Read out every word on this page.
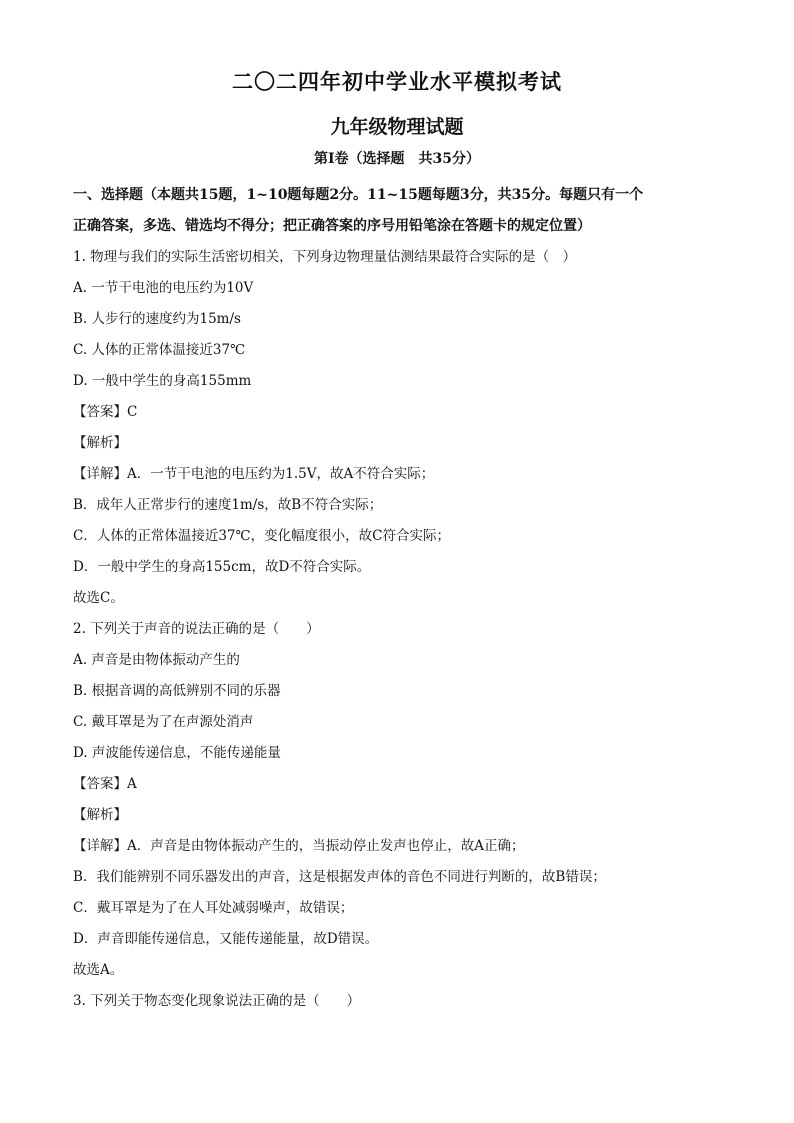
二〇二四年初中学业水平模拟考试
九年级物理试题
第Ⅰ卷（选择题　共35分）

一、选择题（本题共15题，1~10题每题2分。11~15题每题3分，共35分。每题只有一个

正确答案，多选、错选均不得分；把正确答案的序号用铅笔涂在答题卡的规定位置）

1. 物理与我们的实际生活密切相关，下列身边物理量估测结果最符合实际的是（　）

A. 一节干电池的电压约为10V

B. 人步行的速度约为15m/s

C. 人体的正常体温接近37℃

D. 一般中学生的身高155mm

【答案】C

【解析】

【详解】A．一节干电池的电压约为1.5V，故A不符合实际；

B．成年人正常步行的速度1m/s，故B不符合实际；

C．人体的正常体温接近37℃，变化幅度很小，故C符合实际；

D．一般中学生的身高155cm，故D不符合实际。

故选C。

2. 下列关于声音的说法正确的是（　　）

A. 声音是由物体振动产生的

B. 根据音调的高低辨别不同的乐器

C. 戴耳罩是为了在声源处消声

D. 声波能传递信息，不能传递能量

【答案】A

【解析】

【详解】A．声音是由物体振动产生的，当振动停止发声也停止，故A正确；

B．我们能辨别不同乐器发出的声音，这是根据发声体的音色不同进行判断的，故B错误；

C．戴耳罩是为了在人耳处减弱噪声，故错误；

D．声音即能传递信息，又能传递能量，故D错误。

故选A。

3. 下列关于物态变化现象说法正确的是（　　）
